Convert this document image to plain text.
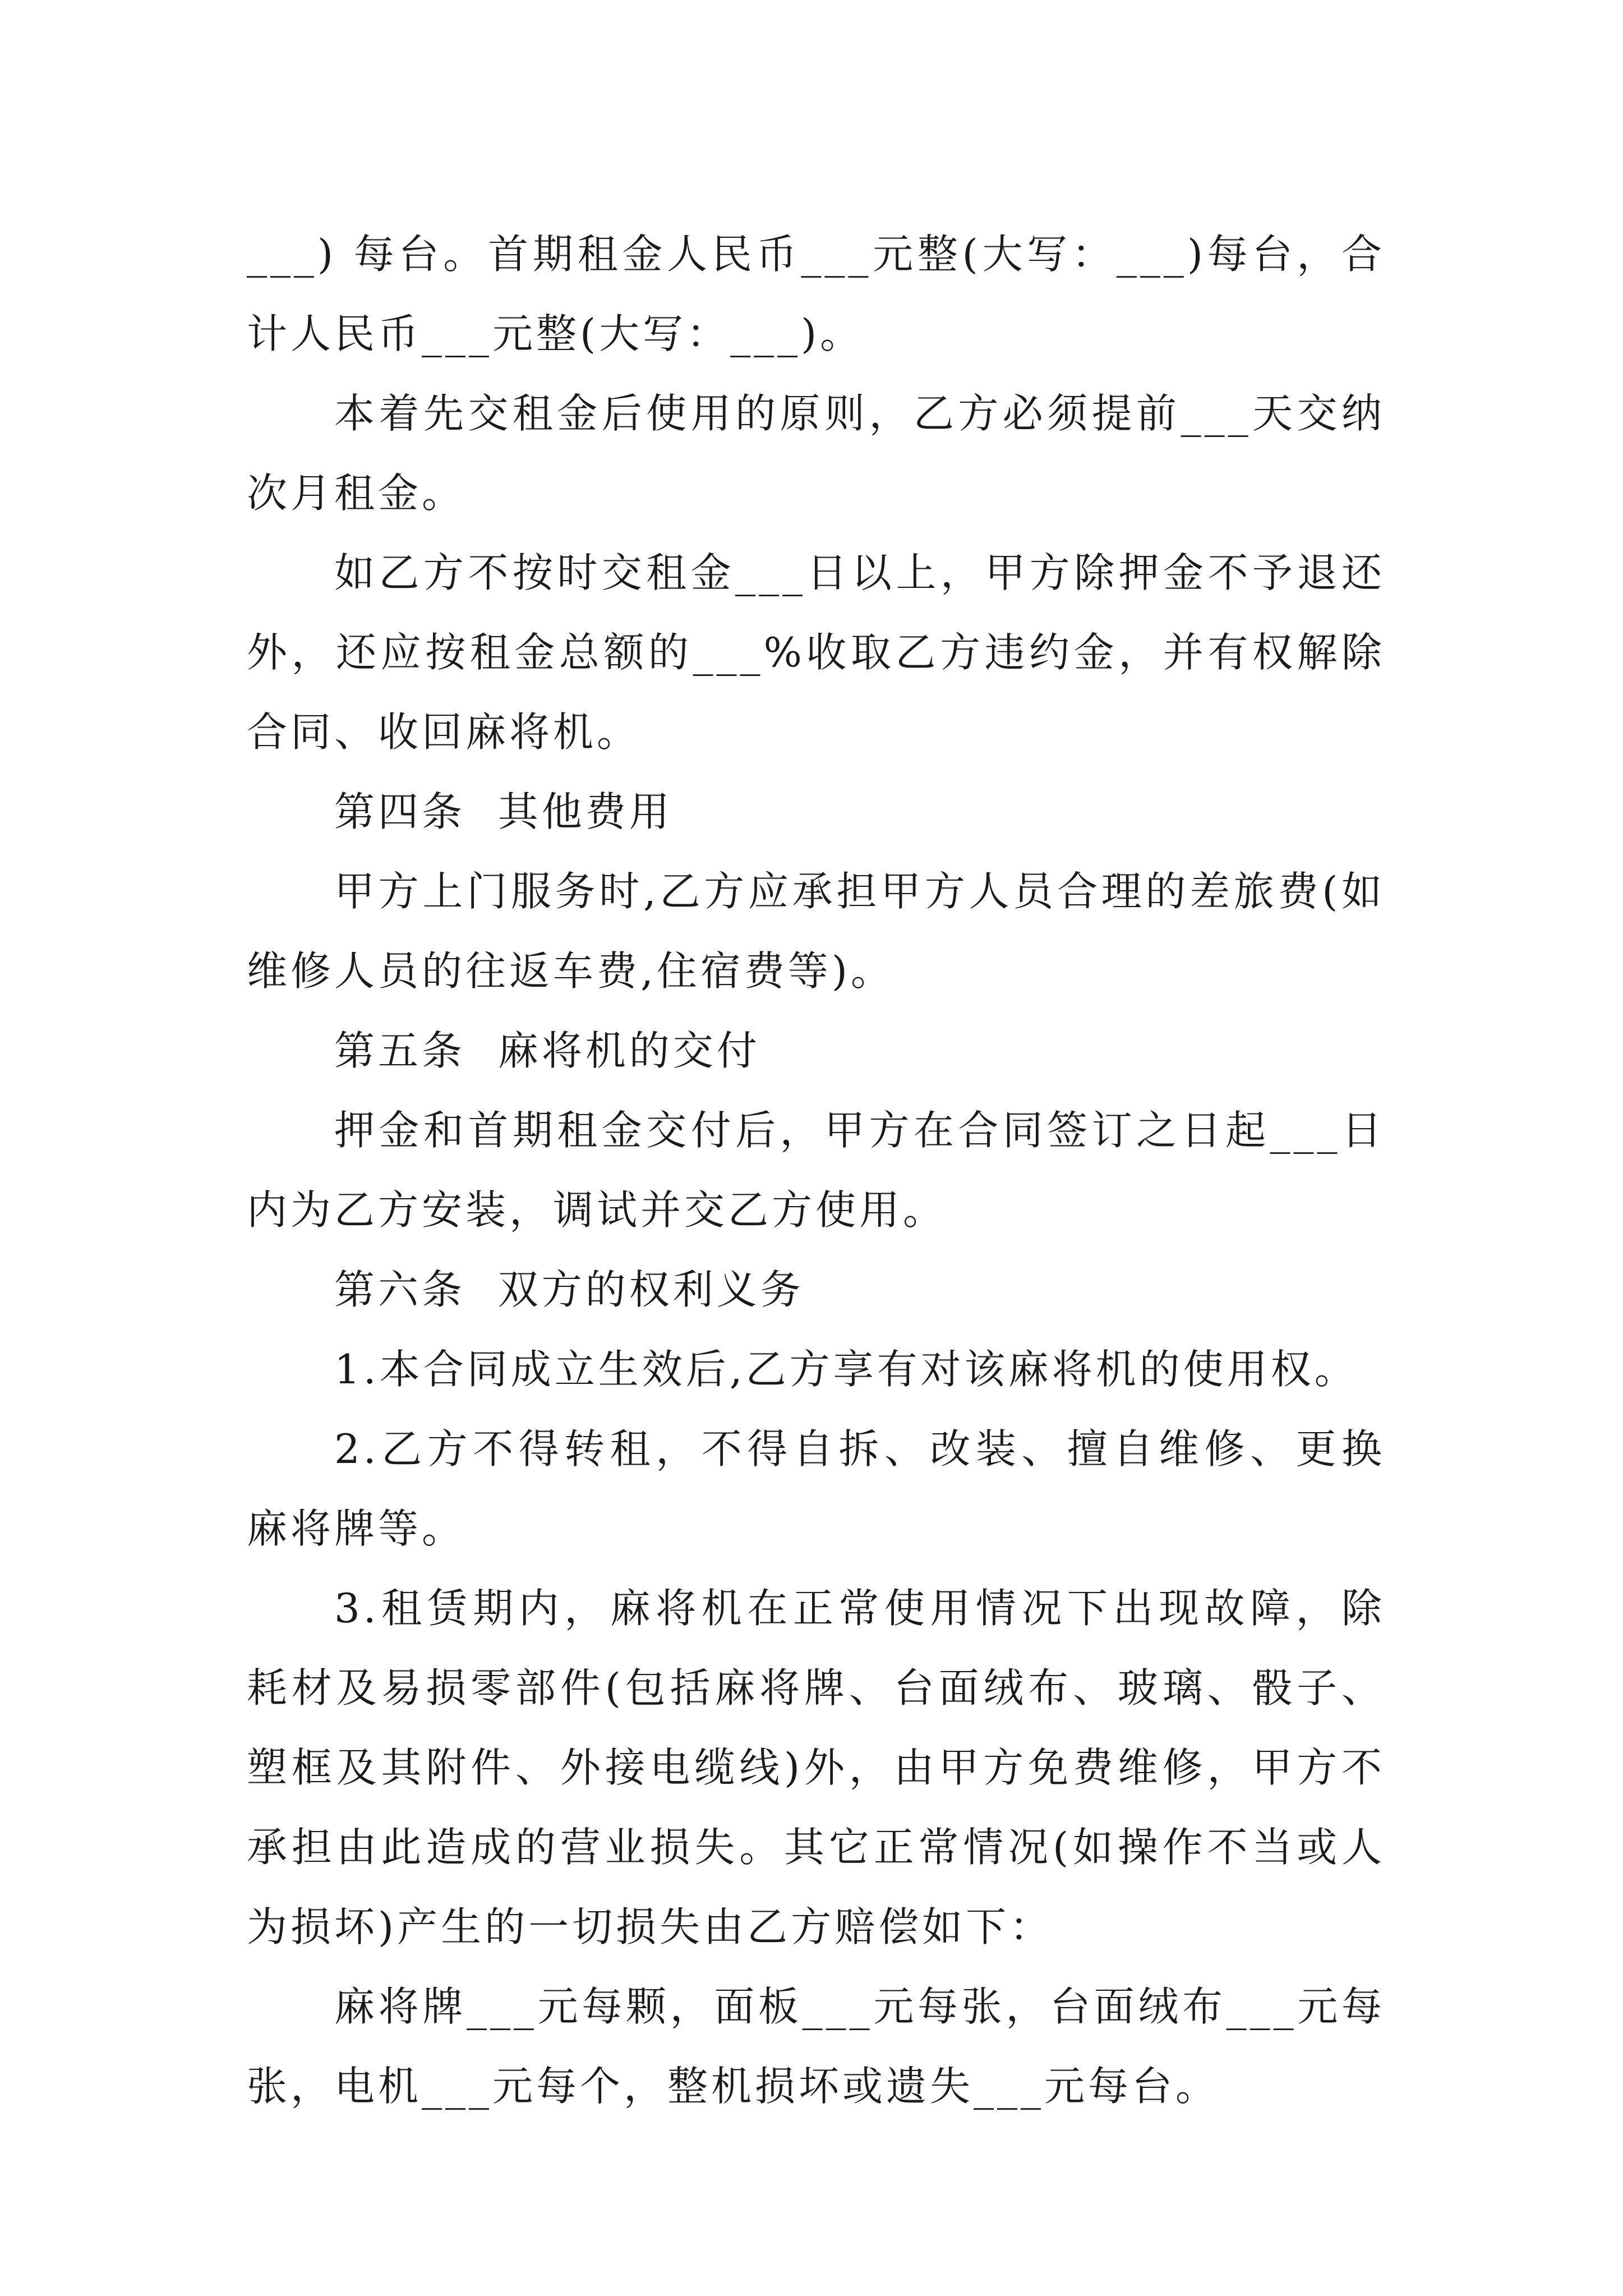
___) 每台。首期租金人民币___元整(大写：___)每台，合计人民币___元整(大写：___)。

本着先交租金后使用的原则，乙方必须提前___天交纳次月租金。

如乙方不按时交租金___日以上，甲方除押金不予退还外，还应按租金总额的___%收取乙方违约金，并有权解除合同、收回麻将机。

第四条  其他费用

甲方上门服务时,乙方应承担甲方人员合理的差旅费(如维修人员的往返车费,住宿费等)。

第五条  麻将机的交付

押金和首期租金交付后，甲方在合同签订之日起___日内为乙方安装，调试并交乙方使用。

第六条  双方的权利义务

1.本合同成立生效后,乙方享有对该麻将机的使用权。

2.乙方不得转租，不得自拆、改装、擅自维修、更换麻将牌等。

3.租赁期内，麻将机在正常使用情况下出现故障，除耗材及易损零部件(包括麻将牌、台面绒布、玻璃、骰子、塑框及其附件、外接电缆线)外，由甲方免费维修，甲方不承担由此造成的营业损失。其它正常情况(如操作不当或人为损坏)产生的一切损失由乙方赔偿如下：

麻将牌___元每颗，面板___元每张，台面绒布___元每张，电机___元每个，整机损坏或遗失___元每台。
